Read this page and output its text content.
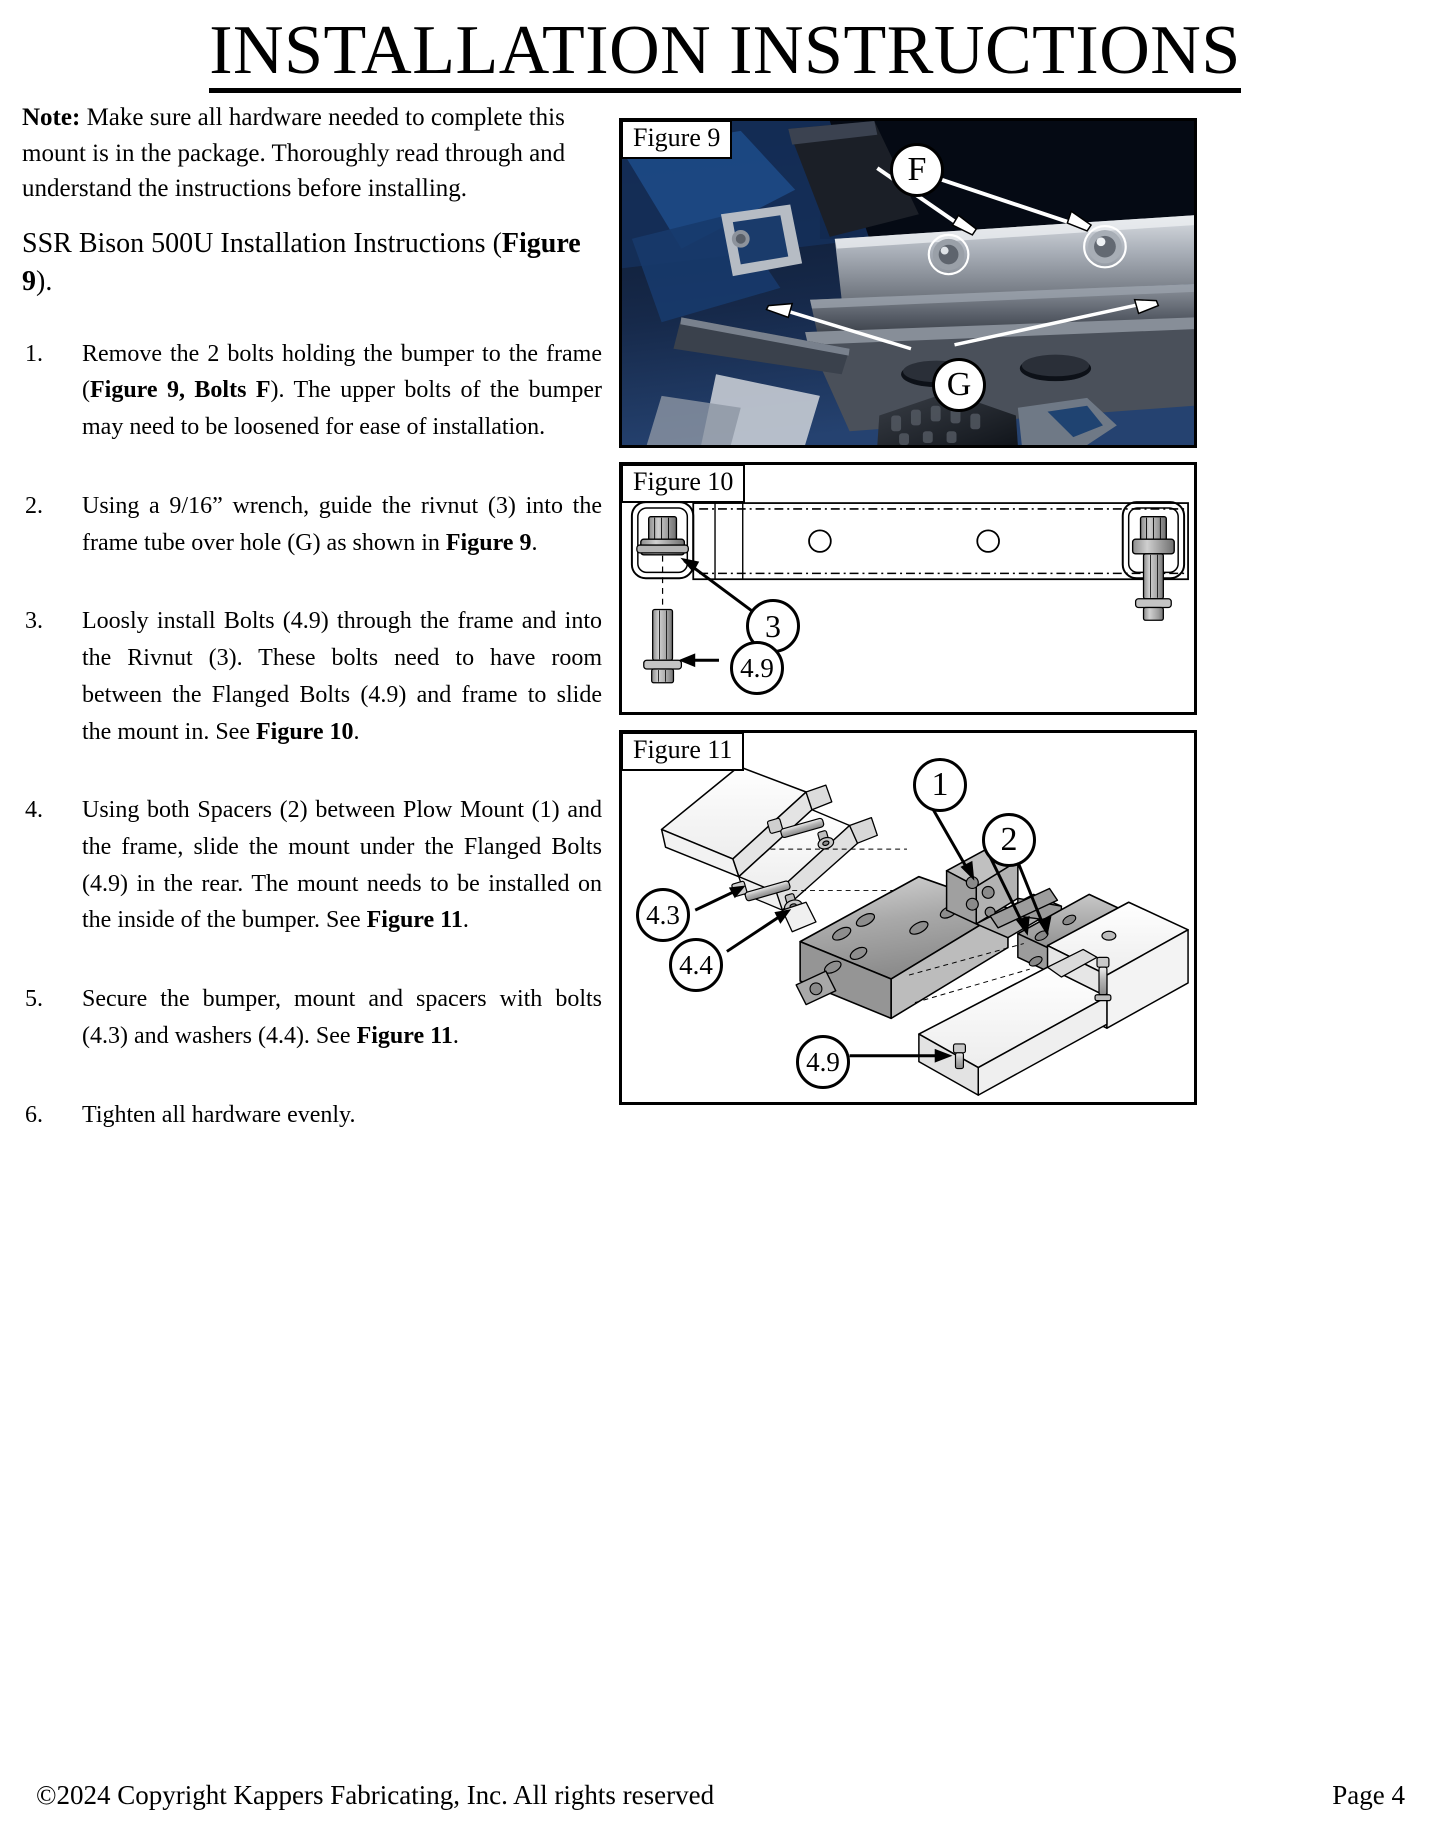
INSTALLATION INSTRUCTIONS

Note: Make sure all hardware needed to complete this mount is in the package. Thoroughly read through and understand the instructions before installing.

SSR Bison 500U Installation Instructions (Figure 9).

1.	Remove the 2 bolts holding the bumper to the frame (Figure 9, Bolts F). The upper bolts of the bumper may need to be loosened for ease of installation.
2.	Using a 9/16” wrench, guide the rivnut (3) into the frame tube over hole (G) as shown in Figure 9.
3.	Loosly install Bolts (4.9) through the frame and into the Rivnut (3). These bolts need to have room between the Flanged Bolts (4.9) and frame to slide the mount in. See Figure 10.
4.	Using both Spacers (2) between Plow Mount (1) and the frame, slide the mount under the Flanged Bolts (4.9) in the rear. The mount needs to be installed on the inside of the bumper. See Figure 11.
5.	Secure the bumper, mount and spacers with bolts (4.3) and washers (4.4). See Figure 11.
6.	Tighten all hardware evenly.
Figure 9
F
G
Figure 10
3
4.9
Figure 11
1
2
4.3
4.4
4.9
©2024 Copyright Kappers Fabricating, Inc. All rights reserved	Page 4
